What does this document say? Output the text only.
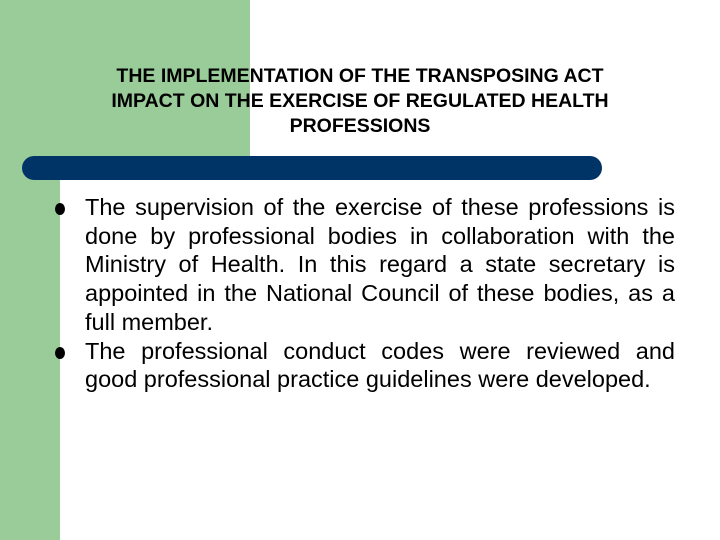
THE IMPLEMENTATION OF THE TRANSPOSING ACT
IMPACT ON THE EXERCISE OF REGULATED HEALTH
PROFESSIONS
The supervision of the exercise of these professions is done by professional bodies in collaboration with the Ministry of Health. In this regard a state secretary is appointed in the National Council of these bodies, as a full member.
The professional conduct codes were reviewed and good professional practice guidelines were developed.
